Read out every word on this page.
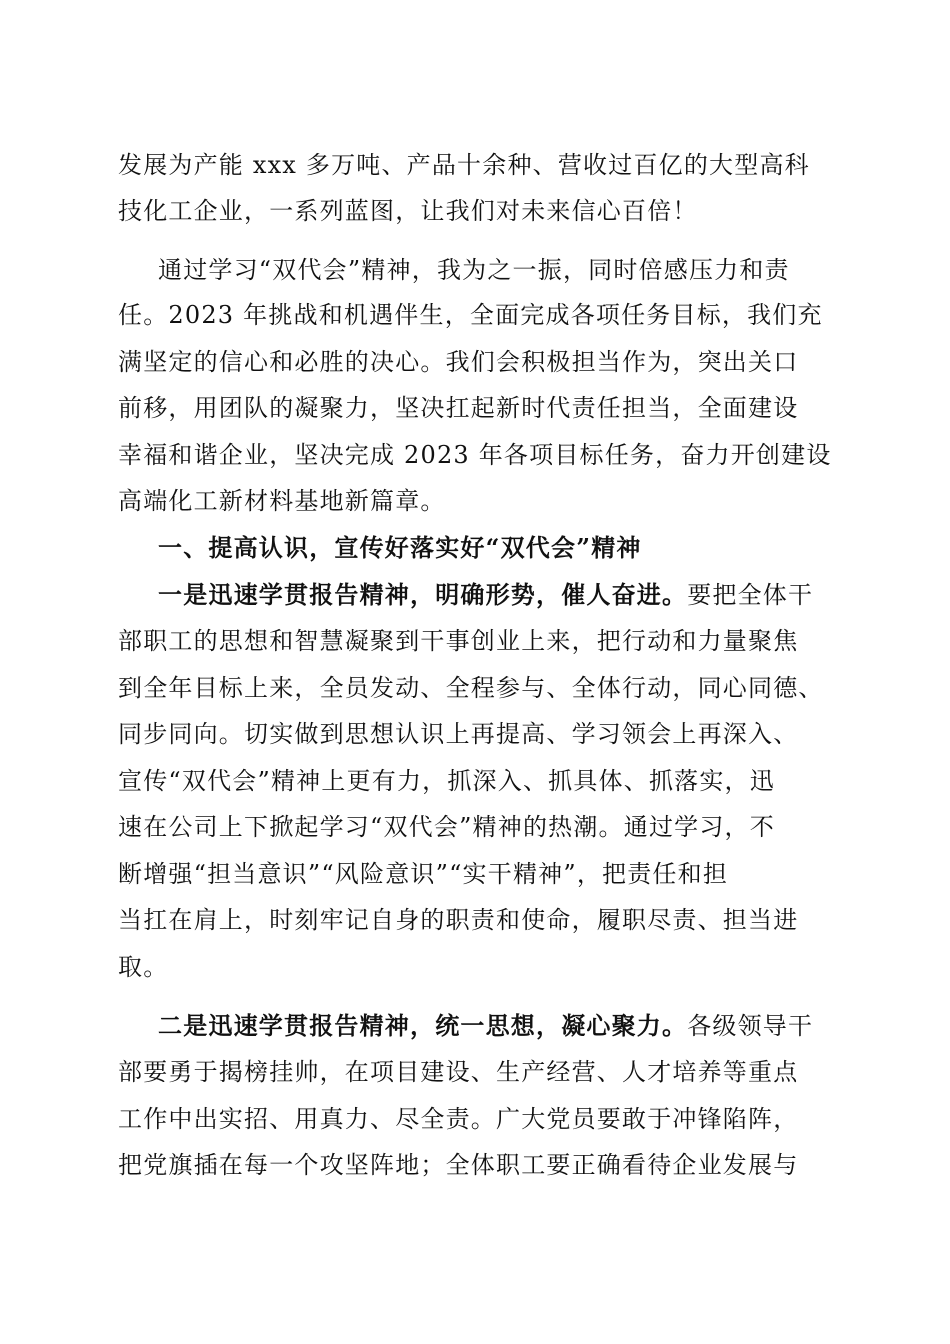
发展为产能 xxx 多万吨、产品十余种、营收过百亿的大型高科
技化工企业，一系列蓝图，让我们对未来信心百倍！
通过学习“双代会”精神，我为之一振，同时倍感压力和责
任。2023 年挑战和机遇伴生，全面完成各项任务目标，我们充
满坚定的信心和必胜的决心。我们会积极担当作为，突出关口
前移，用团队的凝聚力，坚决扛起新时代责任担当，全面建设
幸福和谐企业，坚决完成 2023 年各项目标任务，奋力开创建设
高端化工新材料基地新篇章。
一、提高认识，宣传好落实好“双代会”精神
一是迅速学贯报告精神，明确形势，催人奋进。要把全体干
部职工的思想和智慧凝聚到干事创业上来，把行动和力量聚焦
到全年目标上来，全员发动、全程参与、全体行动，同心同德、
同步同向。切实做到思想认识上再提高、学习领会上再深入、
宣传“双代会”精神上更有力，抓深入、抓具体、抓落实，迅
速在公司上下掀起学习“双代会”精神的热潮。通过学习，不
断增强“担当意识”“风险意识”“实干精神”，把责任和担
当扛在肩上，时刻牢记自身的职责和使命，履职尽责、担当进
取。
二是迅速学贯报告精神，统一思想，凝心聚力。各级领导干
部要勇于揭榜挂帅，在项目建设、生产经营、人才培养等重点
工作中出实招、用真力、尽全责。广大党员要敢于冲锋陷阵，
把党旗插在每一个攻坚阵地；全体职工要正确看待企业发展与
